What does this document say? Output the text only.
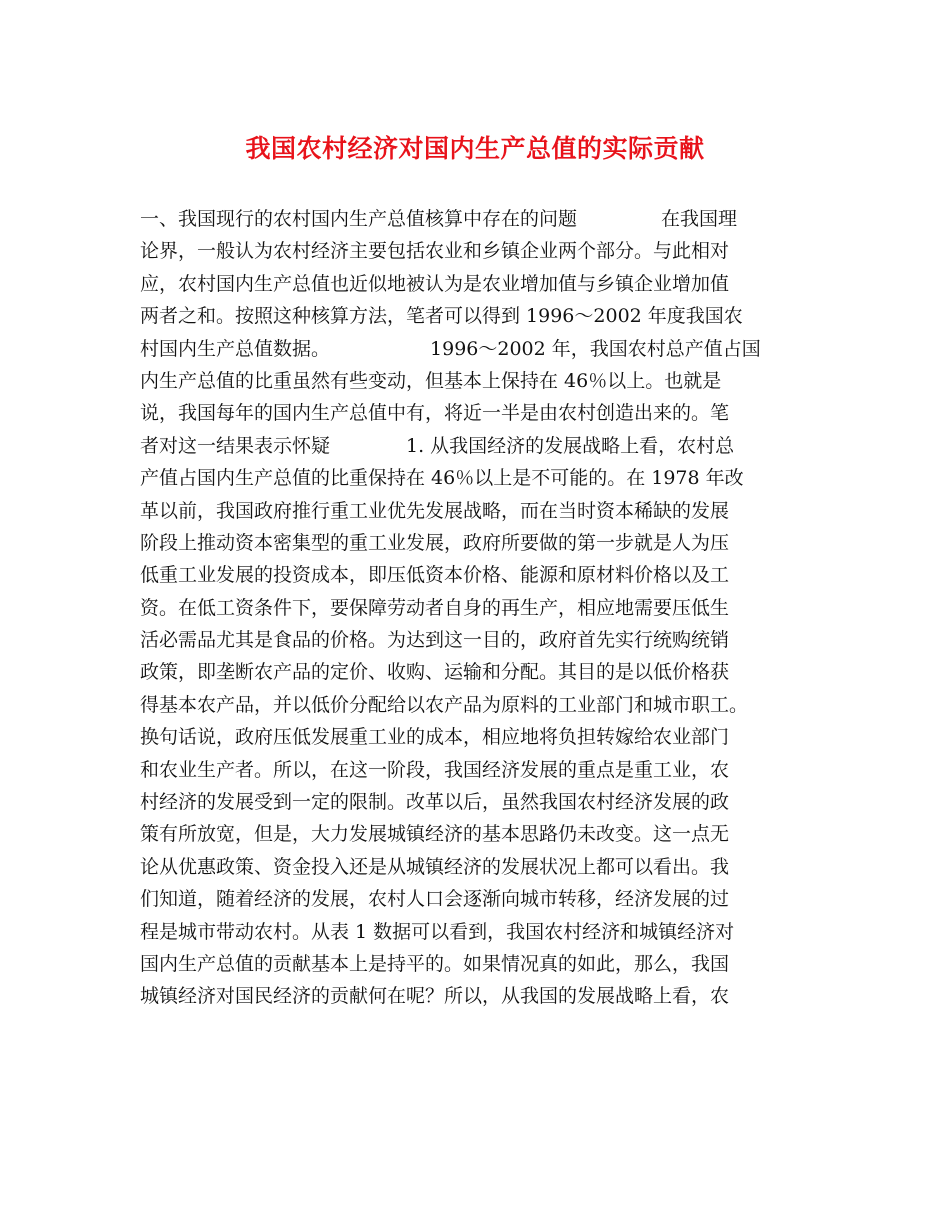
我国农村经济对国内生产总值的实际贡献
一、我国现行的农村国内生产总值核算中存在的问题	在我国理
论界，一般认为农村经济主要包括农业和乡镇企业两个部分。与此相对
应，农村国内生产总值也近似地被认为是农业增加值与乡镇企业增加值
两者之和。按照这种核算方法，笔者可以得到 1996～2002 年度我国农
村国内生产总值数据。	1996～2002 年，我国农村总产值占国
内生产总值的比重虽然有些变动，但基本上保持在 46％以上。也就是
说，我国每年的国内生产总值中有，将近一半是由农村创造出来的。笔
者对这一结果表示怀疑	1. 从我国经济的发展战略上看，农村总
产值占国内生产总值的比重保持在 46％以上是不可能的。在 1978 年改
革以前，我国政府推行重工业优先发展战略，而在当时资本稀缺的发展
阶段上推动资本密集型的重工业发展，政府所要做的第一步就是人为压
低重工业发展的投资成本，即压低资本价格、能源和原材料价格以及工
资。在低工资条件下，要保障劳动者自身的再生产，相应地需要压低生
活必需品尤其是食品的价格。为达到这一目的，政府首先实行统购统销
政策，即垄断农产品的定价、收购、运输和分配。其目的是以低价格获
得基本农产品，并以低价分配给以农产品为原料的工业部门和城市职工。
换句话说，政府压低发展重工业的成本，相应地将负担转嫁给农业部门
和农业生产者。所以，在这一阶段，我国经济发展的重点是重工业，农
村经济的发展受到一定的限制。改革以后，虽然我国农村经济发展的政
策有所放宽，但是，大力发展城镇经济的基本思路仍未改变。这一点无
论从优惠政策、资金投入还是从城镇经济的发展状况上都可以看出。我
们知道，随着经济的发展，农村人口会逐渐向城市转移，经济发展的过
程是城市带动农村。从表 1 数据可以看到，我国农村经济和城镇经济对
国内生产总值的贡献基本上是持平的。如果情况真的如此，那么，我国
城镇经济对国民经济的贡献何在呢？所以，从我国的发展战略上看，农
